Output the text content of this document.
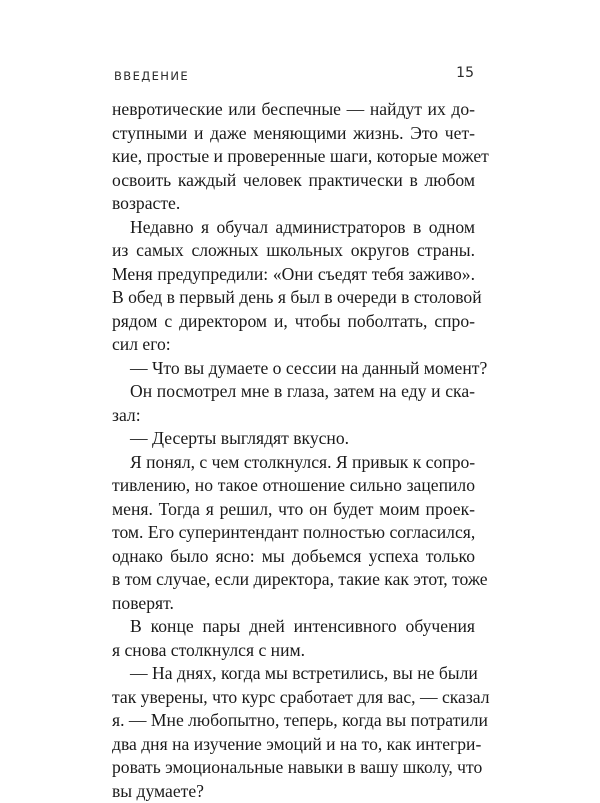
ВВЕДЕНИЕ	15
невротические или беспечные — найдут их до-
ступными и даже меняющими жизнь. Это чет-
кие, простые и проверенные шаги, которые может
освоить каждый человек практически в любом
возрасте.
Недавно я обучал администраторов в одном
из самых сложных школьных округов страны.
Меня предупредили: «Они съедят тебя заживо».
В обед в первый день я был в очереди в столовой
рядом с директором и, чтобы поболтать, спро-
сил его:
— Что вы думаете о сессии на данный момент?
Он посмотрел мне в глаза, затем на еду и ска-
зал:
— Десерты выглядят вкусно.
Я понял, с чем столкнулся. Я привык к сопро-
тивлению, но такое отношение сильно зацепило
меня. Тогда я решил, что он будет моим проек-
том. Его суперинтендант полностью согласился,
однако было ясно: мы добьемся успеха только
в том случае, если директора, такие как этот, тоже
поверят.
В конце пары дней интенсивного обучения
я снова столкнулся с ним.
— На днях, когда мы встретились, вы не были
так уверены, что курс сработает для вас, — сказал
я. — Мне любопытно, теперь, когда вы потратили
два дня на изучение эмоций и на то, как интегри-
ровать эмоциональные навыки в вашу школу, что
вы думаете?
